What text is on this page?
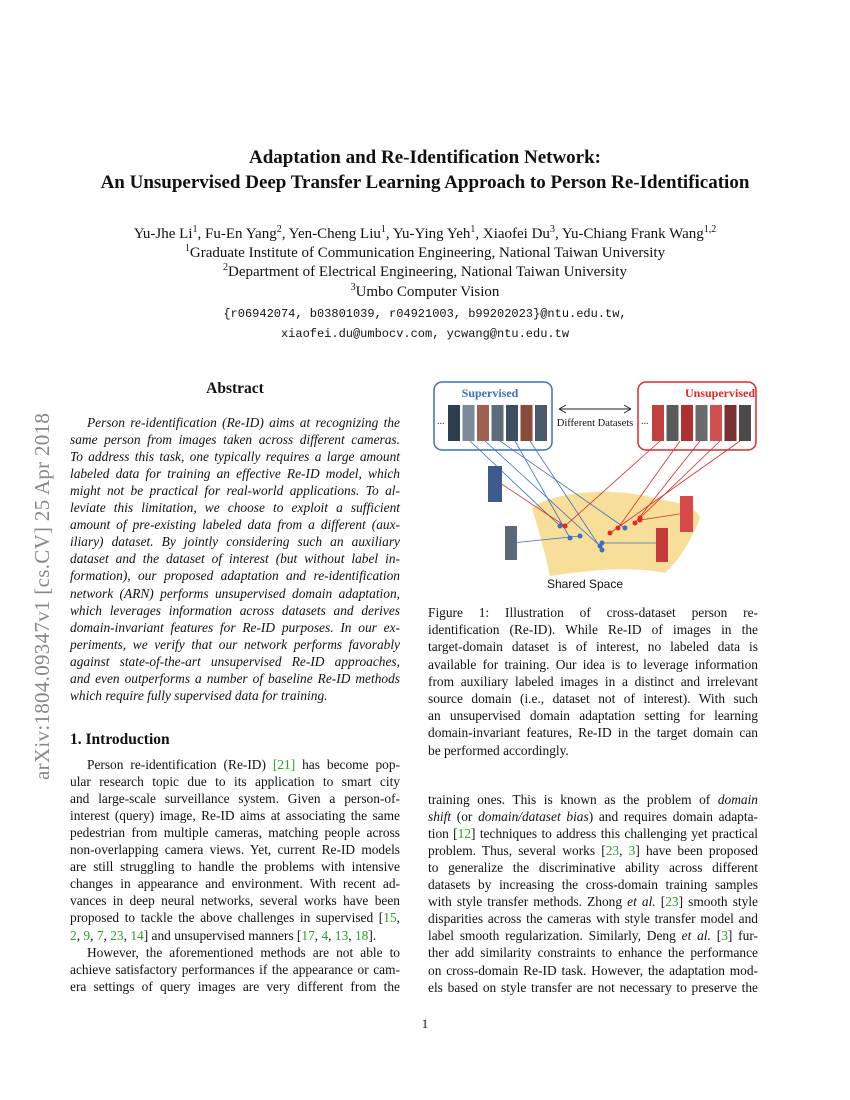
arXiv:1804.09347v1 [cs.CV] 25 Apr 2018
Adaptation and Re-Identification Network:
An Unsupervised Deep Transfer Learning Approach to Person Re-Identification
Yu-Jhe Li$^1$, Fu-En Yang$^2$, Yen-Cheng Liu$^1$, Yu-Ying Yeh$^1$, Xiaofei Du$^3$, Yu-Chiang Frank Wang$^{1,2}$
$^1$Graduate Institute of Communication Engineering, National Taiwan University
$^2$Department of Electrical Engineering, National Taiwan University
$^3$Umbo Computer Vision
{r06942074, b03801039, r04921003, b99202023}@ntu.edu.tw,
xiaofei.du@umbocv.com, ycwang@ntu.edu.tw
Abstract
Person re-identification (Re-ID) aims at recognizing the
same person from images taken across different cameras.
To address this task, one typically requires a large amount
labeled data for training an effective Re-ID model, which
might not be practical for real-world applications. To al-
leviate this limitation, we choose to exploit a sufficient
amount of pre-existing labeled data from a different (aux-
iliary) dataset. By jointly considering such an auxiliary
dataset and the dataset of interest (but without label in-
formation), our proposed adaptation and re-identification
network (ARN) performs unsupervised domain adaptation,
which leverages information across datasets and derives
domain-invariant features for Re-ID purposes. In our ex-
periments, we verify that our network performs favorably
against state-of-the-art unsupervised Re-ID approaches,
and even outperforms a number of baseline Re-ID methods
which require fully supervised data for training.
1. Introduction
Person re-identification (Re-ID) [21] has become pop-
ular research topic due to its application to smart city
and large-scale surveillance system. Given a person-of-
interest (query) image, Re-ID aims at associating the same
pedestrian from multiple cameras, matching people across
non-overlapping camera views. Yet, current Re-ID models
are still struggling to handle the problems with intensive
changes in appearance and environment. With recent ad-
vances in deep neural networks, several works have been
proposed to tackle the above challenges in supervised [15,
2, 9, 7, 23, 14] and unsupervised manners [17, 4, 13, 18].
However, the aforementioned methods are not able to
achieve satisfactory performances if the appearance or cam-
era settings of query images are very different from the
Supervised	Unsupervised
...	...
Different Datasets
Shared Space
Figure 1: Illustration of cross-dataset person re-
identification (Re-ID). While Re-ID of images in the
target-domain dataset is of interest, no labeled data is
available for training. Our idea is to leverage information
from auxiliary labeled images in a distinct and irrelevant
source domain (i.e., dataset not of interest). With such
an unsupervised domain adaptation setting for learning
domain-invariant features, Re-ID in the target domain can
be performed accordingly.
training ones. This is known as the problem of domain
shift (or domain/dataset bias) and requires domain adapta-
tion [12] techniques to address this challenging yet practical
problem. Thus, several works [23, 3] have been proposed
to generalize the discriminative ability across different
datasets by increasing the cross-domain training samples
with style transfer methods. Zhong et al. [23] smooth style
disparities across the cameras with style transfer model and
label smooth regularization. Similarly, Deng et al. [3] fur-
ther add similarity constraints to enhance the performance
on cross-domain Re-ID task. However, the adaptation mod-
els based on style transfer are not necessary to preserve the
1
